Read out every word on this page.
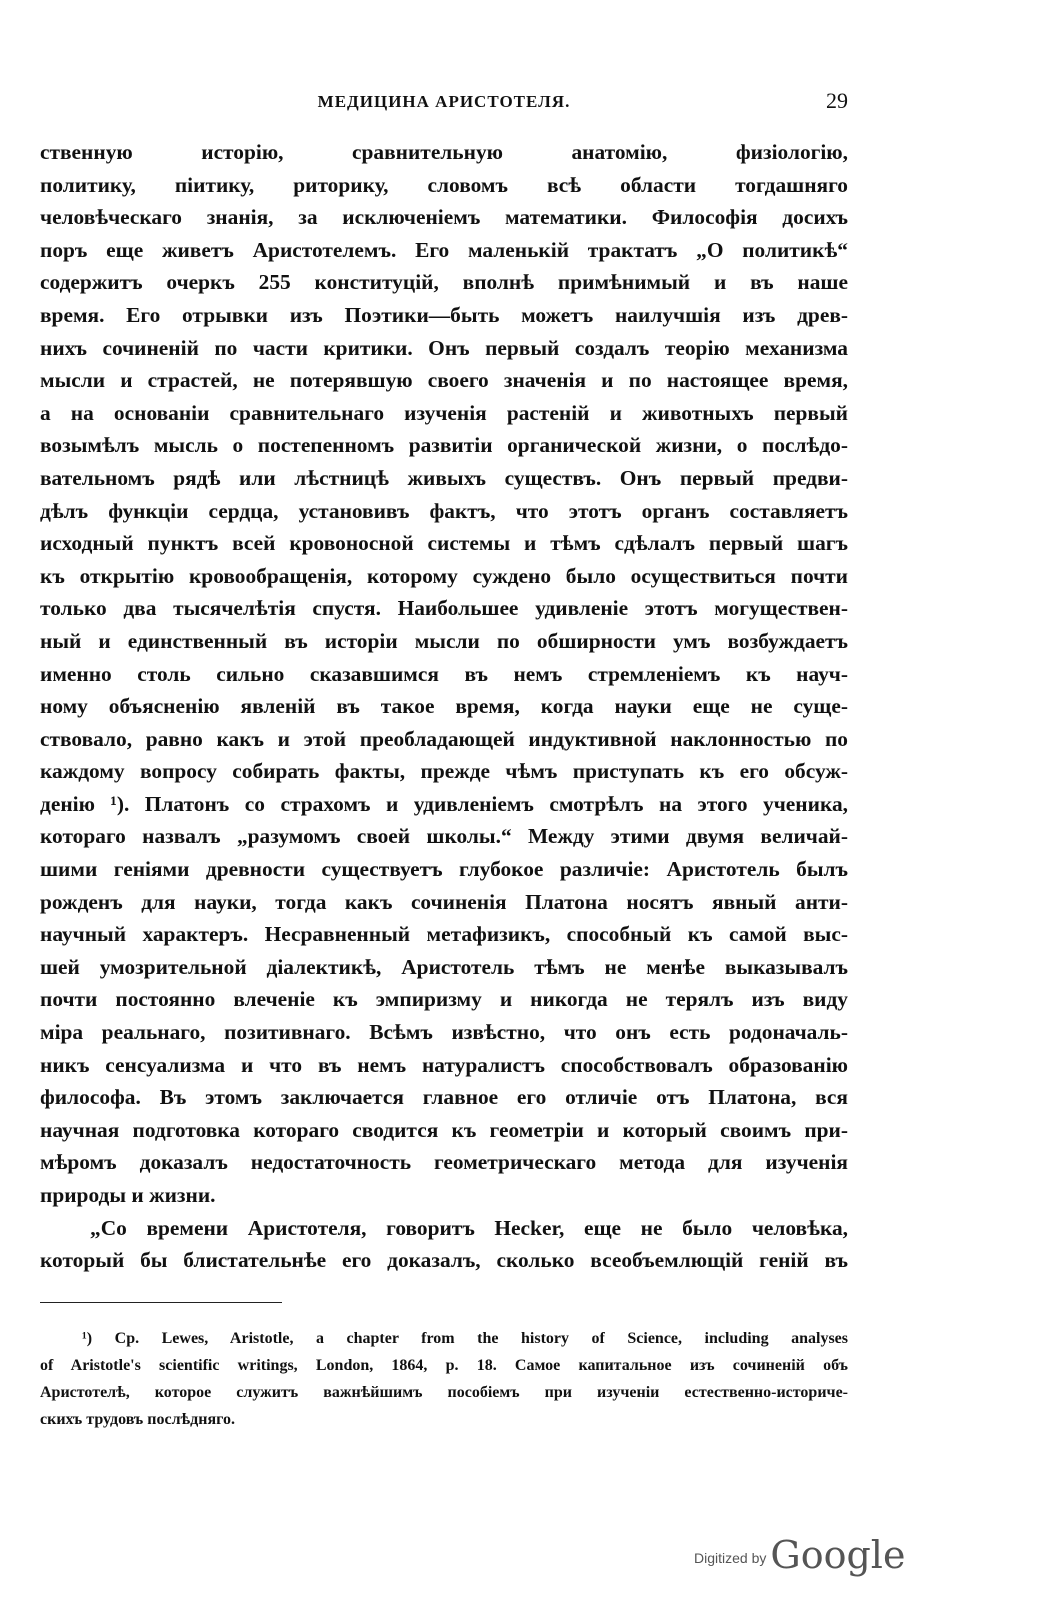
МЕДИЦИНА АРИСТОТЕЛЯ.	29
ственную исторію, сравнительную анатомію, физіологію,
политику, пiитику, риторику, словомъ всѣ области тогдашняго
человѣческаго знанія, за исключеніемъ математики. Философія досихъ
поръ еще живетъ Аристотелемъ. Его маленькій трактатъ „О политикѣ“
содержитъ очеркъ 255 конституцій, вполнѣ примѣнимый и въ наше
время. Его отрывки изъ Поэтики—быть можетъ наилучшія изъ древ-
нихъ сочиненій по части критики. Онъ первый создалъ теорію механизма
мысли и страстей, не потерявшую своего значенія и по настоящее время,
а на основаніи сравнительнаго изученія растеній и животныхъ первый
возымѣлъ мысль о постепенномъ развитіи органической жизни, о послѣдо-
вательномъ рядѣ или лѣстницѣ живыхъ существъ. Онъ первый предви-
дѣлъ функціи сердца, установивъ фактъ, что этотъ органъ составляетъ
исходный пунктъ всей кровоносной системы и тѣмъ сдѣлалъ первый шагъ
къ открытію кровообращенія, которому суждено было осуществиться почти
только два тысячелѣтія спустя. Наибольшее удивленіе этотъ могуществен-
ный и единственный въ исторіи мысли по обширности умъ возбуждаетъ
именно столь сильно сказавшимся въ немъ стремленіемъ къ науч-
ному объясненію явленій въ такое время, когда науки еще не суще-
ствовало, равно какъ и этой преобладающей индуктивной наклонностью по
каждому вопросу собирать факты, прежде чѣмъ приступать къ его обсуж-
денію ¹). Платонъ со страхомъ и удивленіемъ смотрѣлъ на этого ученика,
котораго назвалъ „разумомъ своей школы.“ Между этими двумя величай-
шими геніями древности существуетъ глубокое различіе: Аристотель былъ
рожденъ для науки, тогда какъ сочиненія Платона носятъ явный анти-
научный характеръ. Несравненный метафизикъ, способный къ самой выс-
шей умозрительной діалектикѣ, Аристотель тѣмъ не менѣе выказывалъ
почти постоянно влеченіе къ эмпиризму и никогда не терялъ изъ виду
міра реальнаго, позитивнаго. Всѣмъ извѣстно, что онъ есть родоначаль-
никъ сенсуализма и что въ немъ натуралистъ способствовалъ образованію
философа. Въ этомъ заключается главное его отличіе отъ Платона, вся
научная подготовка котораго сводится къ геометріи и который своимъ при-
мѣромъ доказалъ недостаточность геометрическаго метода для изученія
природы и жизни.
„Со времени Аристотеля, говоритъ Hecker, еще не было человѣка,
который бы блистательнѣе его доказалъ, сколько всеобъемлющій геній въ
¹) Cp. Lewes, Aristotle, a chapter from the history of Science, including analyses
of Aristotle's scientific writings, London, 1864, p. 18. Самое капитальное изъ сочиненій объ
Аристотелѣ, которое служитъ важнѣйшимъ пособіемъ при изученіи естественно-историче-
скихъ трудовъ послѣдняго.
Digitized by Google
